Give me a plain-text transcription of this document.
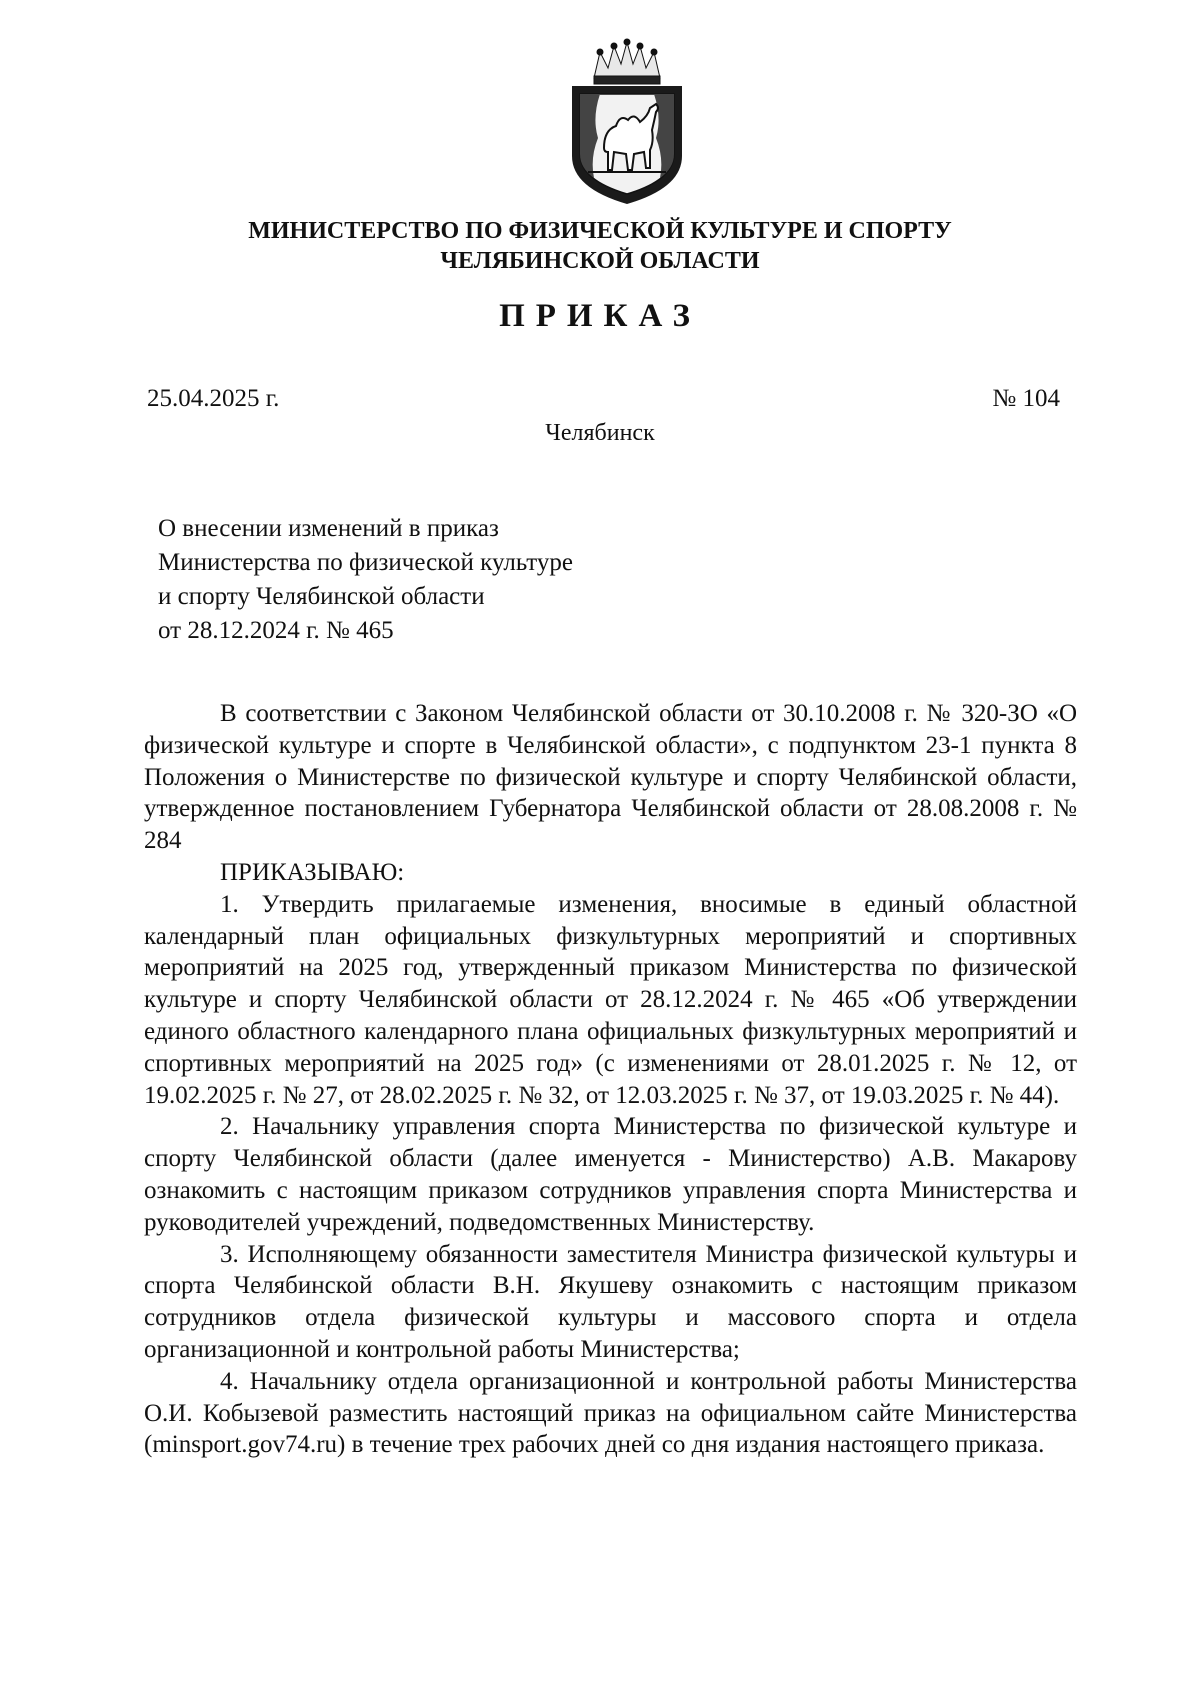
МИНИСТЕРСТВО ПО ФИЗИЧЕСКОЙ КУЛЬТУРЕ И СПОРТУ
ЧЕЛЯБИНСКОЙ ОБЛАСТИ
ПРИКАЗ
25.04.2025 г.	№ 104
Челябинск
О внесении изменений в приказ
Министерства по физической культуре
и спорту Челябинской области
от 28.12.2024 г. № 465

В соответствии с Законом Челябинской области от 30.10.2008 г. № 320-ЗО «О физической культуре и спорте в Челябинской области», с подпунктом 23-1 пункта 8 Положения о Министерстве по физической культуре и спорту Челябинской области, утвержденное постановлением Губернатора Челябинской области от 28.08.2008 г. № 284

ПРИКАЗЫВАЮ:

1. Утвердить прилагаемые изменения, вносимые в единый областной календарный план официальных физкультурных мероприятий и спортивных мероприятий на 2025 год, утвержденный приказом Министерства по физической культуре и спорту Челябинской области от 28.12.2024 г. № 465 «Об утверждении единого областного календарного плана официальных физкультурных мероприятий и спортивных мероприятий на 2025 год» (с изменениями от 28.01.2025 г. № 12, от 19.02.2025 г. № 27, от 28.02.2025 г. № 32, от 12.03.2025 г. № 37, от 19.03.2025 г. № 44).

2. Начальнику управления спорта Министерства по физической культуре и спорту Челябинской области (далее именуется - Министерство) А.В. Макарову ознакомить с настоящим приказом сотрудников управления спорта Министерства и руководителей учреждений, подведомственных Министерству.

3. Исполняющему обязанности заместителя Министра физической культуры и спорта Челябинской области В.Н. Якушеву ознакомить с настоящим приказом сотрудников отдела физической культуры и массового спорта и отдела организационной и контрольной работы Министерства;

4. Начальнику отдела организационной и контрольной работы Министерства О.И. Кобызевой разместить настоящий приказ на официальном сайте Министерства (minsport.gov74.ru) в течение трех рабочих дней со дня издания настоящего приказа.
